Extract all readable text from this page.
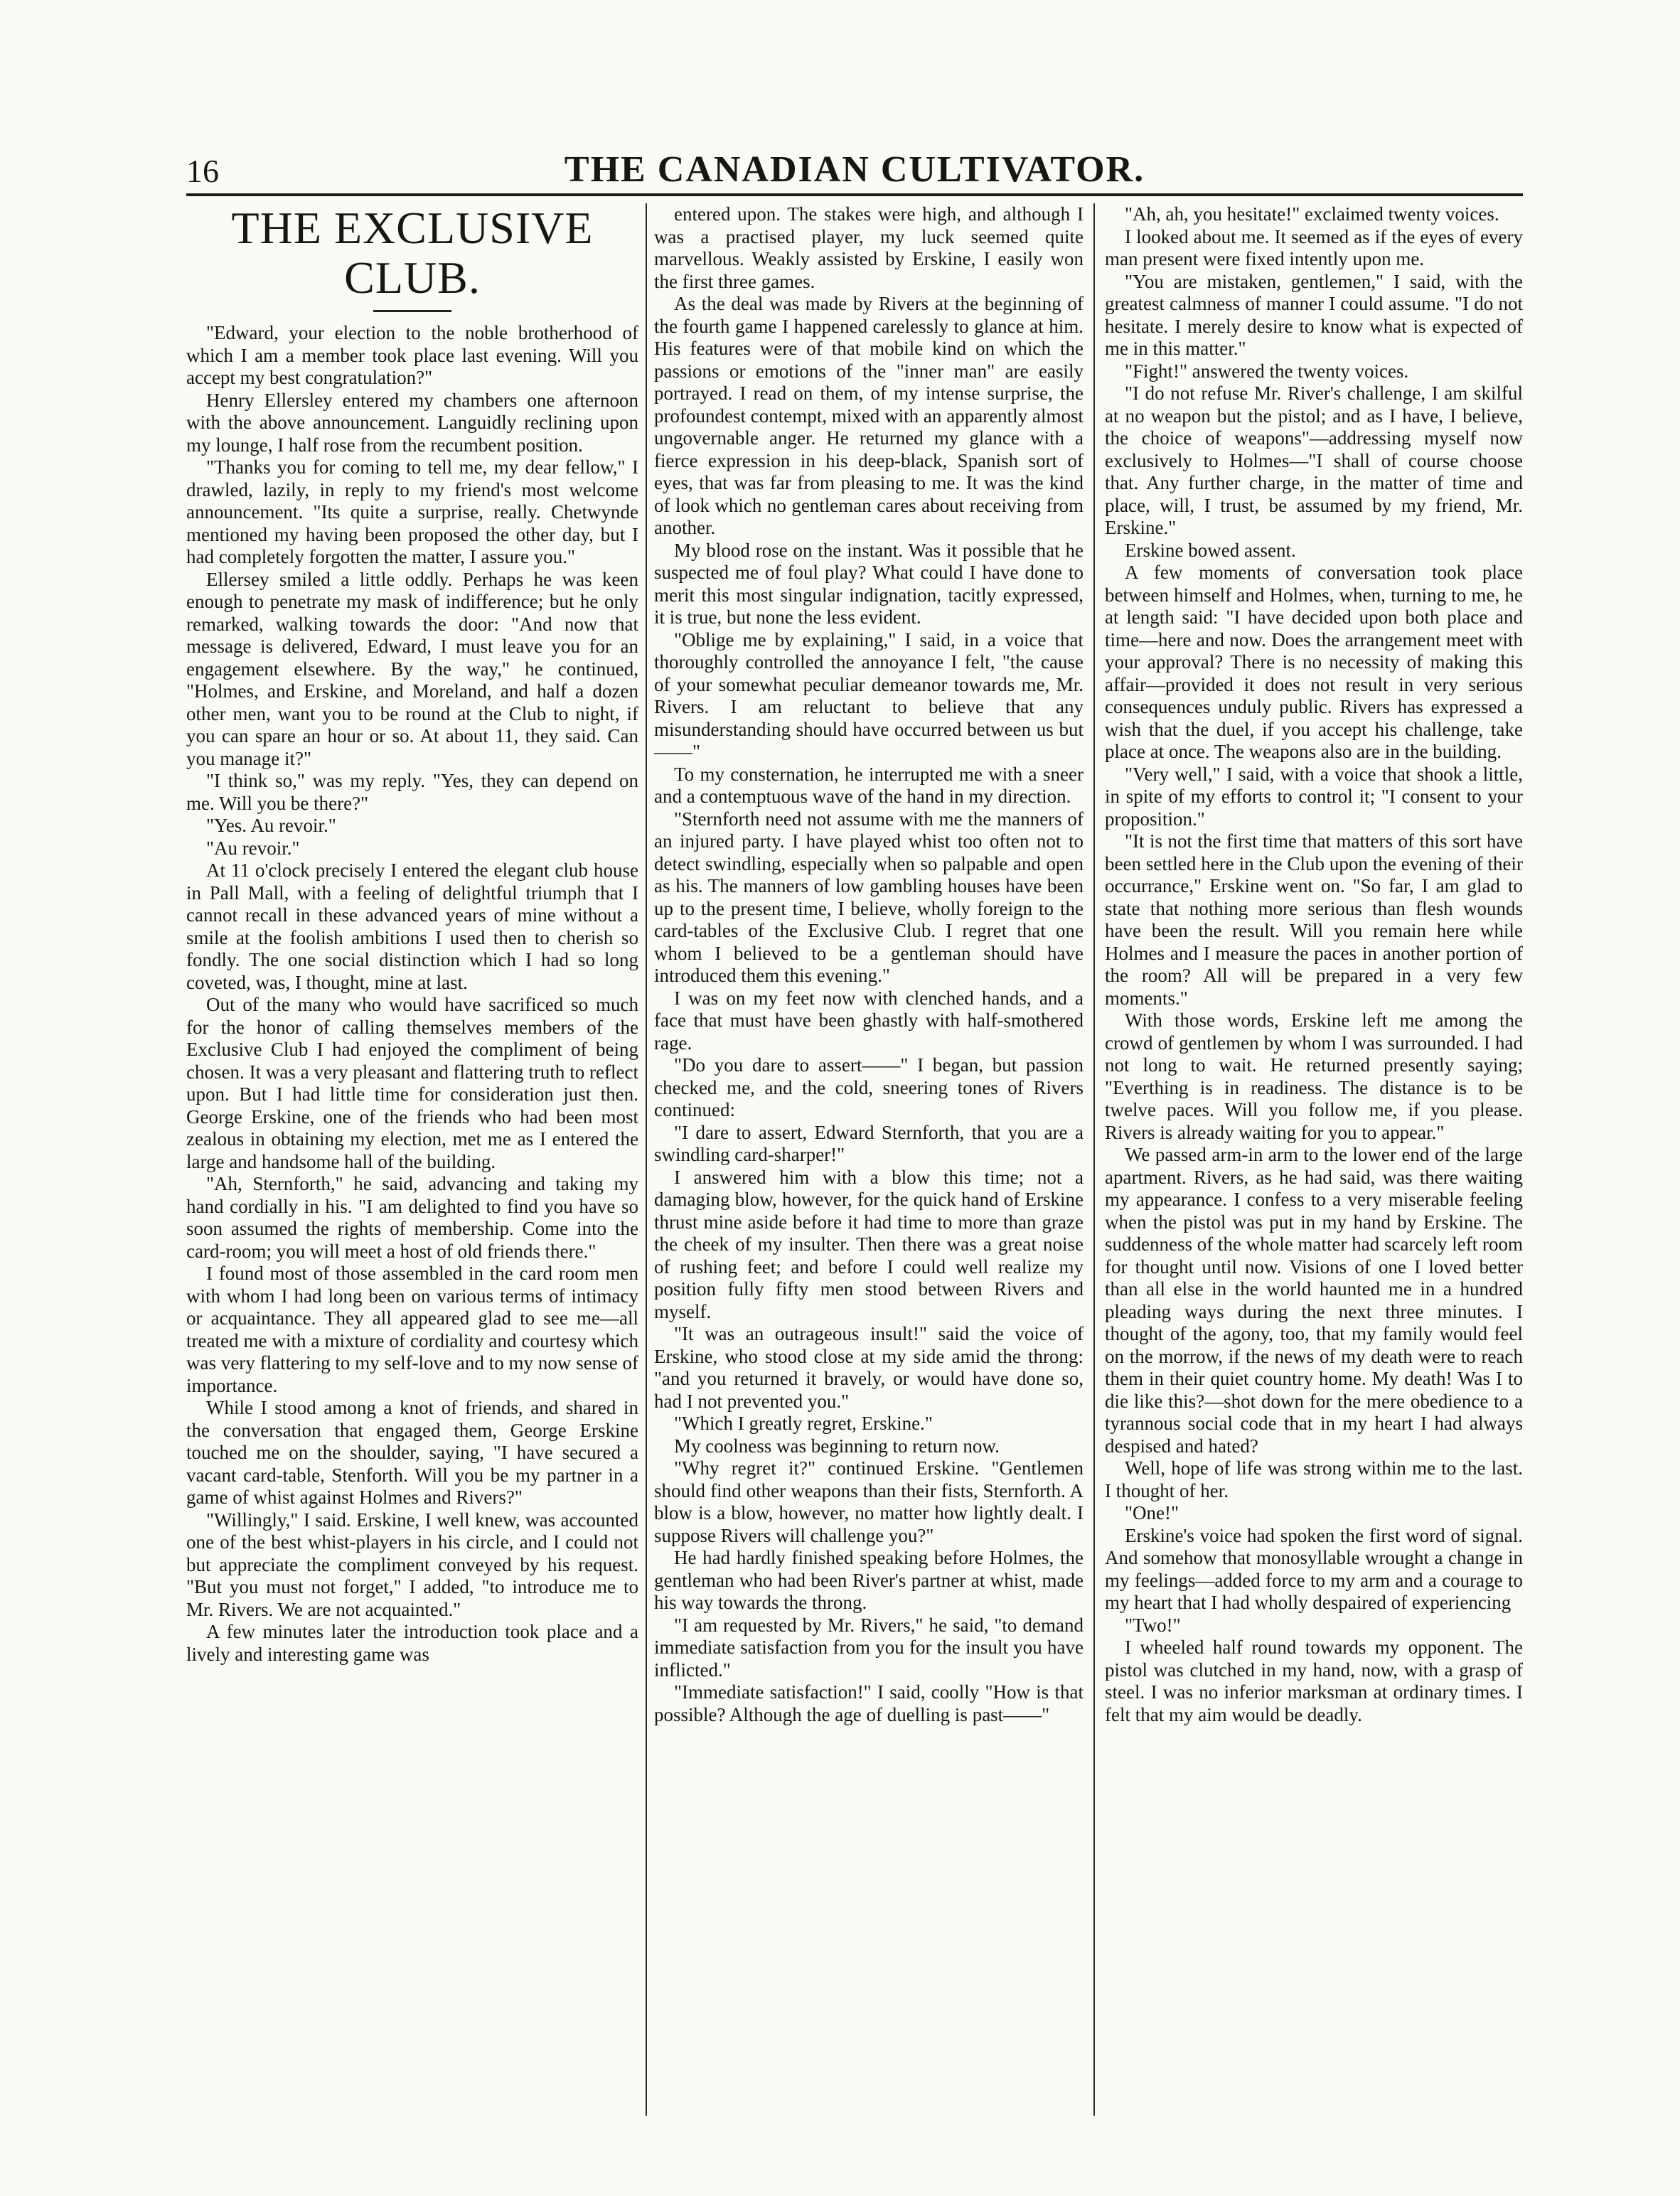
16	THE CANADIAN CULTIVATOR.
THE EXCLUSIVE CLUB.

"Edward, your election to the noble brotherhood of which I am a member took place last evening. Will you accept my best congratulation?"

Henry Ellersley entered my chambers one afternoon with the above announcement. Languidly reclining upon my lounge, I half rose from the recumbent position.

"Thanks you for coming to tell me, my dear fellow," I drawled, lazily, in reply to my friend's most welcome announcement. "Its quite a surprise, really. Chetwynde mentioned my having been proposed the other day, but I had completely forgotten the matter, I assure you."

Ellersey smiled a little oddly. Perhaps he was keen enough to penetrate my mask of indifference; but he only remarked, walking towards the door: "And now that message is delivered, Edward, I must leave you for an engagement elsewhere. By the way," he continued, "Holmes, and Erskine, and Moreland, and half a dozen other men, want you to be round at the Club to night, if you can spare an hour or so. At about 11, they said. Can you manage it?"

"I think so," was my reply. "Yes, they can depend on me. Will you be there?"

"Yes. Au revoir."

"Au revoir."

At 11 o'clock precisely I entered the elegant club house in Pall Mall, with a feeling of delightful triumph that I cannot recall in these advanced years of mine without a smile at the foolish ambitions I used then to cherish so fondly. The one social distinction which I had so long coveted, was, I thought, mine at last.

Out of the many who would have sacrificed so much for the honor of calling themselves members of the Exclusive Club I had enjoyed the compliment of being chosen. It was a very pleasant and flattering truth to reflect upon. But I had little time for consideration just then. George Erskine, one of the friends who had been most zealous in obtaining my election, met me as I entered the large and handsome hall of the building.

"Ah, Sternforth," he said, advancing and taking my hand cordially in his. "I am delighted to find you have so soon assumed the rights of membership. Come into the card-room; you will meet a host of old friends there."

I found most of those assembled in the card room men with whom I had long been on various terms of intimacy or acquaintance. They all appeared glad to see me—all treated me with a mixture of cordiality and courtesy which was very flattering to my self-love and to my now sense of importance.

While I stood among a knot of friends, and shared in the conversation that engaged them, George Erskine touched me on the shoulder, saying, "I have secured a vacant card-table, Stenforth. Will you be my partner in a game of whist against Holmes and Rivers?"

"Willingly," I said. Erskine, I well knew, was accounted one of the best whist-players in his circle, and I could not but appreciate the compliment conveyed by his request. "But you must not forget," I added, "to introduce me to Mr. Rivers. We are not acquainted."

A few minutes later the introduction took place and a lively and interesting game was

entered upon. The stakes were high, and although I was a practised player, my luck seemed quite marvellous. Weakly assisted by Erskine, I easily won the first three games.

As the deal was made by Rivers at the beginning of the fourth game I happened carelessly to glance at him. His features were of that mobile kind on which the passions or emotions of the "inner man" are easily portrayed. I read on them, of my intense surprise, the profoundest contempt, mixed with an apparently almost ungovernable anger. He returned my glance with a fierce expression in his deep-black, Spanish sort of eyes, that was far from pleasing to me. It was the kind of look which no gentleman cares about receiving from another.

My blood rose on the instant. Was it possible that he suspected me of foul play? What could I have done to merit this most singular indignation, tacitly expressed, it is true, but none the less evident.

"Oblige me by explaining," I said, in a voice that thoroughly controlled the annoyance I felt, "the cause of your somewhat peculiar demeanor towards me, Mr. Rivers. I am reluctant to believe that any misunderstanding should have occurred between us but——"

To my consternation, he interrupted me with a sneer and a contemptuous wave of the hand in my direction.

"Sternforth need not assume with me the manners of an injured party. I have played whist too often not to detect swindling, especially when so palpable and open as his. The manners of low gambling houses have been up to the present time, I believe, wholly foreign to the card-tables of the Exclusive Club. I regret that one whom I believed to be a gentleman should have introduced them this evening."

I was on my feet now with clenched hands, and a face that must have been ghastly with half-smothered rage.

"Do you dare to assert——" I began, but passion checked me, and the cold, sneering tones of Rivers continued:

"I dare to assert, Edward Sternforth, that you are a swindling card-sharper!"

I answered him with a blow this time; not a damaging blow, however, for the quick hand of Erskine thrust mine aside before it had time to more than graze the cheek of my insulter. Then there was a great noise of rushing feet; and before I could well realize my position fully fifty men stood between Rivers and myself.

"It was an outrageous insult!" said the voice of Erskine, who stood close at my side amid the throng: "and you returned it bravely, or would have done so, had I not prevented you."

"Which I greatly regret, Erskine."

My coolness was beginning to return now.

"Why regret it?" continued Erskine. "Gentlemen should find other weapons than their fists, Sternforth. A blow is a blow, however, no matter how lightly dealt. I suppose Rivers will challenge you?"

He had hardly finished speaking before Holmes, the gentleman who had been River's partner at whist, made his way towards the throng.

"I am requested by Mr. Rivers," he said, "to demand immediate satisfaction from you for the insult you have inflicted."

"Immediate satisfaction!" I said, coolly "How is that possible? Although the age of duelling is past——"

"Ah, ah, you hesitate!" exclaimed twenty voices.

I looked about me. It seemed as if the eyes of every man present were fixed intently upon me.

"You are mistaken, gentlemen," I said, with the greatest calmness of manner I could assume. "I do not hesitate. I merely desire to know what is expected of me in this matter."

"Fight!" answered the twenty voices.

"I do not refuse Mr. River's challenge, I am skilful at no weapon but the pistol; and as I have, I believe, the choice of weapons"—addressing myself now exclusively to Holmes—"I shall of course choose that. Any further charge, in the matter of time and place, will, I trust, be assumed by my friend, Mr. Erskine."

Erskine bowed assent.

A few moments of conversation took place between himself and Holmes, when, turning to me, he at length said: "I have decided upon both place and time—here and now. Does the arrangement meet with your approval? There is no necessity of making this affair—provided it does not result in very serious consequences unduly public. Rivers has expressed a wish that the duel, if you accept his challenge, take place at once. The weapons also are in the building.

"Very well," I said, with a voice that shook a little, in spite of my efforts to control it; "I consent to your proposition."

"It is not the first time that matters of this sort have been settled here in the Club upon the evening of their occurrance," Erskine went on. "So far, I am glad to state that nothing more serious than flesh wounds have been the result. Will you remain here while Holmes and I measure the paces in another portion of the room? All will be prepared in a very few moments."

With those words, Erskine left me among the crowd of gentlemen by whom I was surrounded. I had not long to wait. He returned presently saying; "Everthing is in readiness. The distance is to be twelve paces. Will you follow me, if you please. Rivers is already waiting for you to appear."

We passed arm-in arm to the lower end of the large apartment. Rivers, as he had said, was there waiting my appearance. I confess to a very miserable feeling when the pistol was put in my hand by Erskine. The suddenness of the whole matter had scarcely left room for thought until now. Visions of one I loved better than all else in the world haunted me in a hundred pleading ways during the next three minutes. I thought of the agony, too, that my family would feel on the morrow, if the news of my death were to reach them in their quiet country home. My death! Was I to die like this?—shot down for the mere obedience to a tyrannous social code that in my heart I had always despised and hated?

Well, hope of life was strong within me to the last. I thought of her.

"One!"

Erskine's voice had spoken the first word of signal. And somehow that monosyllable wrought a change in my feelings—added force to my arm and a courage to my heart that I had wholly despaired of experiencing

"Two!"

I wheeled half round towards my opponent. The pistol was clutched in my hand, now, with a grasp of steel. I was no inferior marksman at ordinary times. I felt that my aim would be deadly.
